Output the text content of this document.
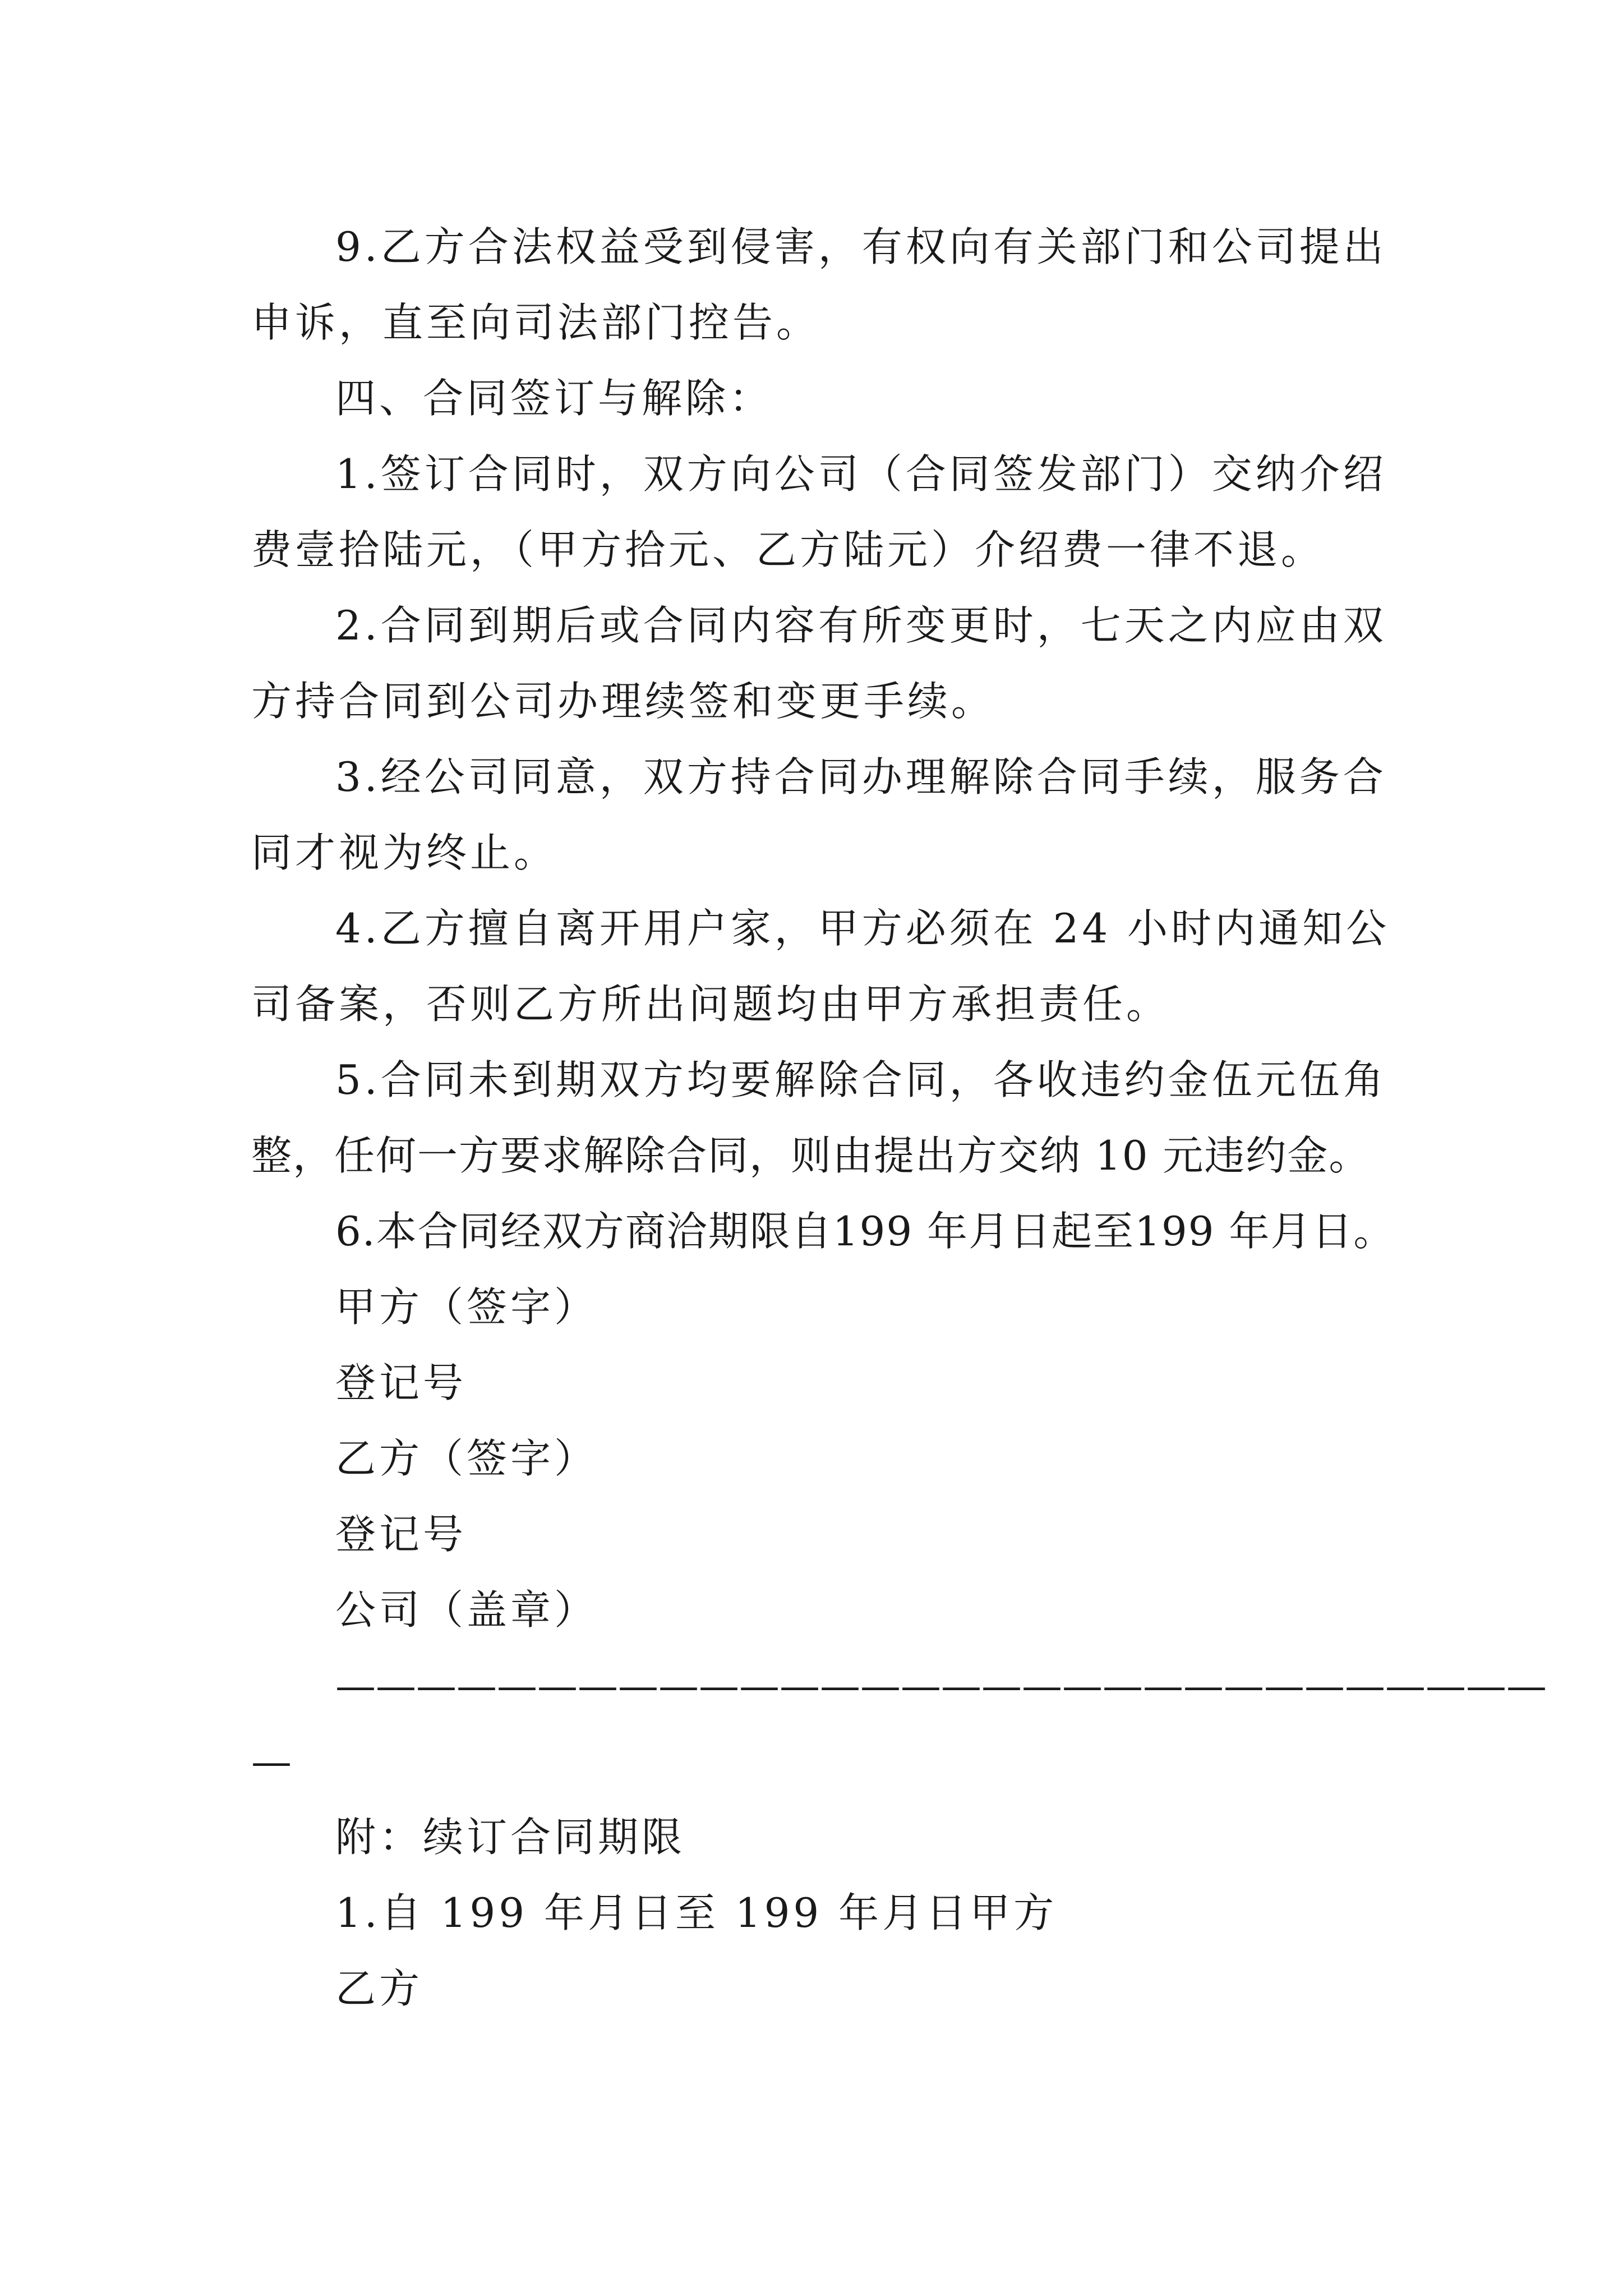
9.乙方合法权益受到侵害，有权向有关部门和公司提出
申诉，直至向司法部门控告。
四、合同签订与解除：
1.签订合同时，双方向公司（合同签发部门）交纳介绍
费壹拾陆元，（甲方拾元、乙方陆元）介绍费一律不退。
2.合同到期后或合同内容有所变更时，七天之内应由双
方持合同到公司办理续签和变更手续。
3.经公司同意，双方持合同办理解除合同手续，服务合
同才视为终止。
4.乙方擅自离开用户家，甲方必须在 24 小时内通知公
司备案，否则乙方所出问题均由甲方承担责任。
5.合同未到期双方均要解除合同，各收违约金伍元伍角
整，任何一方要求解除合同，则由提出方交纳 10 元违约金。
6.本合同经双方商洽期限自199 年月日起至199 年月日。
甲方（签字）
登记号
乙方（签字）
登记号
公司（盖章）
——————————————————————————————
—
附：续订合同期限
1.自 199 年月日至 199 年月日甲方
乙方
